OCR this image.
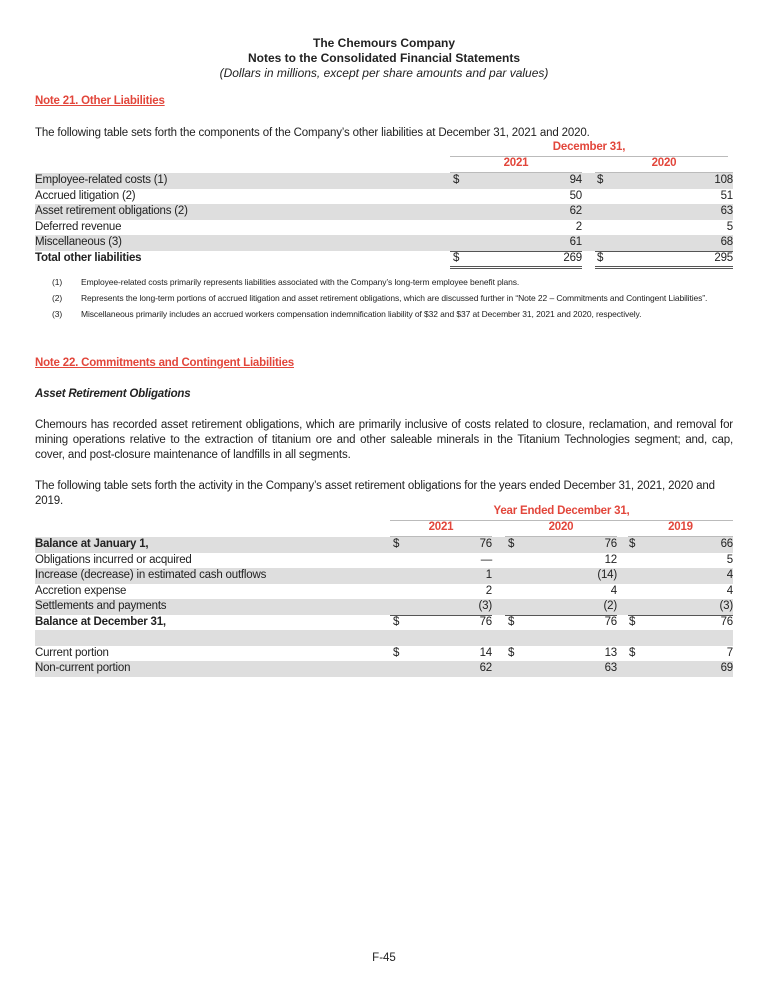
The Chemours Company
Notes to the Consolidated Financial Statements
(Dollars in millions, except per share amounts and par values)
Note 21. Other Liabilities
The following table sets forth the components of the Company’s other liabilities at December 31, 2021 and 2020.
December 31,
2021	2020
Employee-related costs (1)	$	94 $	108
Accrued litigation (2)	50	51
Asset retirement obligations (2)	62	63
Deferred revenue	2	5
Miscellaneous (3)	61	68
Total other liabilities	$	269 $	295
(1) Employee-related costs primarily represents liabilities associated with the Company’s long-term employee benefit plans.
(2) Represents the long-term portions of accrued litigation and asset retirement obligations, which are discussed further in “Note 22 – Commitments and Contingent Liabilities”.
(3) Miscellaneous primarily includes an accrued workers compensation indemnification liability of $32 and $37 at December 31, 2021 and 2020, respectively.
Note 22. Commitments and Contingent Liabilities
Asset Retirement Obligations
Chemours has recorded asset retirement obligations, which are primarily inclusive of costs related to closure, reclamation, and removal for mining operations relative to the extraction of titanium ore and other saleable minerals in the Titanium Technologies segment; and, cap, cover, and post-closure maintenance of landfills in all segments.
The following table sets forth the activity in the Company’s asset retirement obligations for the years ended December 31, 2021, 2020 and 2019.
Year Ended December 31,
2021	2020	2019
Balance at January 1,	$	76 $	76 $	66
Obligations incurred or acquired	—	12	5
Increase (decrease) in estimated cash outflows	1	(14)	4
Accretion expense	2	4	4
Settlements and payments	(3)	(2)	(3)
Balance at December 31,	$	76 $	76 $	76
Current portion	$	14 $	13 $	7
Non-current portion	62	63	69
F-45
